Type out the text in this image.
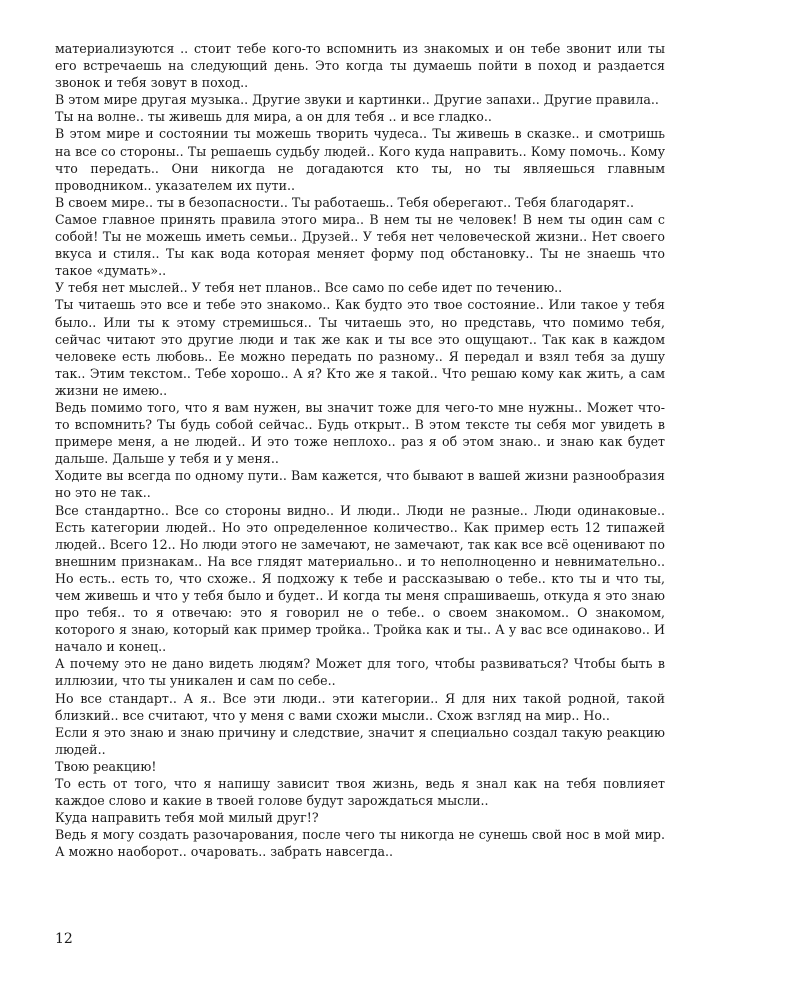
материализуются .. стоит тебе кого-то вспомнить из знакомых и он тебе звонит или ты его встречаешь на следующий день. Это когда ты думаешь пойти в поход и раздается звонок и тебя зовут в поход..

В этом мире другая музыка.. Другие звуки и картинки.. Другие запахи.. Другие правила..

Ты на волне.. ты живешь для мира, а он для тебя .. и все гладко..

В этом мире и состоянии ты можешь творить чудеса.. Ты живешь в сказке.. и смотришь на все со стороны.. Ты решаешь судьбу людей.. Кого куда направить.. Кому помочь.. Кому что передать.. Они никогда не догадаются кто ты, но ты являешься главным проводником.. указателем их пути..

В своем мире.. ты в безопасности.. Ты работаешь.. Тебя оберегают.. Тебя благодарят..

Самое главное принять правила этого мира.. В нем ты не человек! В нем ты один сам с собой! Ты не можешь иметь семьи.. Друзей.. У тебя нет человеческой жизни.. Нет своего вкуса и стиля.. Ты как вода которая меняет форму под обстановку.. Ты не знаешь что такое «думать»..

У тебя нет мыслей.. У тебя нет планов.. Все само по себе идет по течению..

Ты читаешь это все и тебе это знакомо.. Как будто это твое состояние.. Или такое у тебя было.. Или ты к этому стремишься.. Ты читаешь это, но представь, что помимо тебя, сейчас читают это другие люди и так же как и ты все это ощущают.. Так как в каждом человеке есть любовь.. Ее можно передать по разному.. Я передал и взял тебя за душу так.. Этим текстом.. Тебе хорошо.. А я? Кто же я такой.. Что решаю кому как жить, а сам жизни не имею..

Ведь помимо того, что я вам нужен, вы значит тоже для чего-то мне нужны.. Может что-то вспомнить? Ты будь собой сейчас.. Будь открыт.. В этом тексте ты себя мог увидеть в примере меня, а не людей.. И это тоже неплохо.. раз я об этом знаю.. и знаю как будет дальше. Дальше у тебя и у меня..

Ходите вы всегда по одному пути.. Вам кажется, что бывают в вашей жизни разнообразия но это не так..

Все стандартно.. Все со стороны видно.. И люди.. Люди не разные.. Люди одинаковые.. Есть категории людей.. Но это определенное количество.. Как пример есть 12 типажей людей.. Всего 12.. Но люди этого не замечают, не замечают, так как все всё оценивают по внешним признакам.. На все глядят материально.. и то неполноценно и невнимательно.. Но есть.. есть то, что схоже.. Я подхожу к тебе и рассказываю о тебе.. кто ты и что ты, чем живешь и что у тебя было и будет.. И когда ты меня спрашиваешь, откуда я это знаю про тебя.. то я отвечаю: это я говорил не о тебе.. о своем знакомом.. О знакомом, которого я знаю, который как пример тройка.. Тройка как и ты.. А у вас все одинаково.. И начало и конец..

А почему это не дано видеть людям? Может для того, чтобы развиваться? Чтобы быть в иллюзии, что ты уникален и сам по себе..

Но все стандарт.. А я.. Все эти люди.. эти категории.. Я для них такой родной, такой близкий.. все считают, что у меня с вами схожи мысли.. Схож взгляд на мир.. Но..

Если я это знаю и знаю причину и следствие, значит я специально создал такую реакцию людей..

Твою реакцию!

То есть от того, что я напишу зависит твоя жизнь, ведь я знал как на тебя повлияет каждое слово и какие в твоей голове будут зарождаться мысли..

Куда направить тебя мой милый друг!?

Ведь я могу создать разочарования, после чего ты никогда не сунешь свой нос в мой мир. А можно наоборот.. очаровать.. забрать навсегда..

12
